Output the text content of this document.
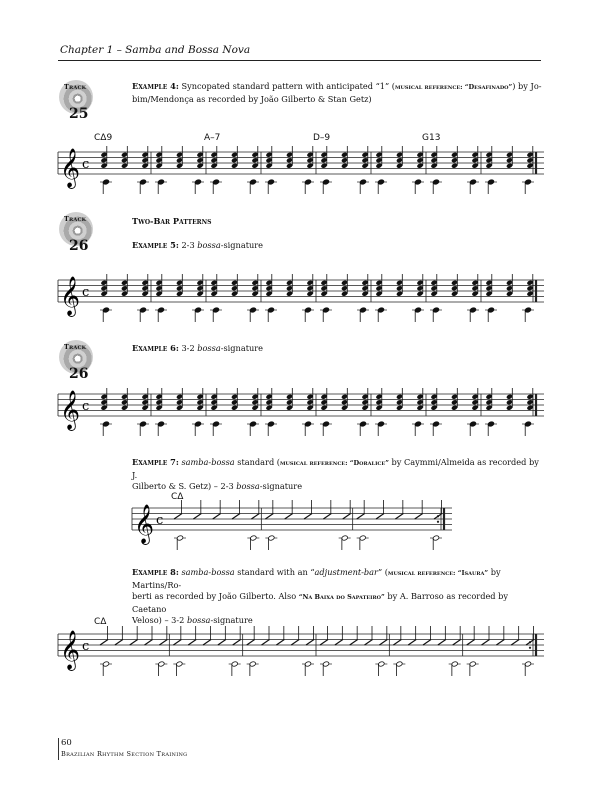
Chapter 1 – Samba and Bossa Nova
Track
25
Track
26
Track
26
Example 4: Syncopated standard pattern with anticipated “1” (musical reference: “Desafinado”) by Jo-
bim/Mendonça as recorded by João Gilberto & Stan Getz)
CΔ9	A–7	D–9	G13
𝄞 c
Two-Bar Patterns
Example 5: 2-3 bossa-signature
𝄞 c
Example 6: 3-2 bossa-signature
𝄞 c
Example 7: samba-bossa standard (musical reference: “Doralice” by Caymmi/Almeida as recorded by J.
Gilberto & S. Getz) – 2-3 bossa-signature
CΔ
𝄞 c
Example 8: samba-bossa standard with an “adjustment-bar” (musical reference: “Isaura” by Martins/Ro-
berti as recorded by João Gilberto. Also “Na Baixa do Sapateiro” by A. Barroso as recorded by Caetano
Veloso) – 3-2 bossa-signature
CΔ
𝄞 c
60
Brazilian Rhythm Section Training
